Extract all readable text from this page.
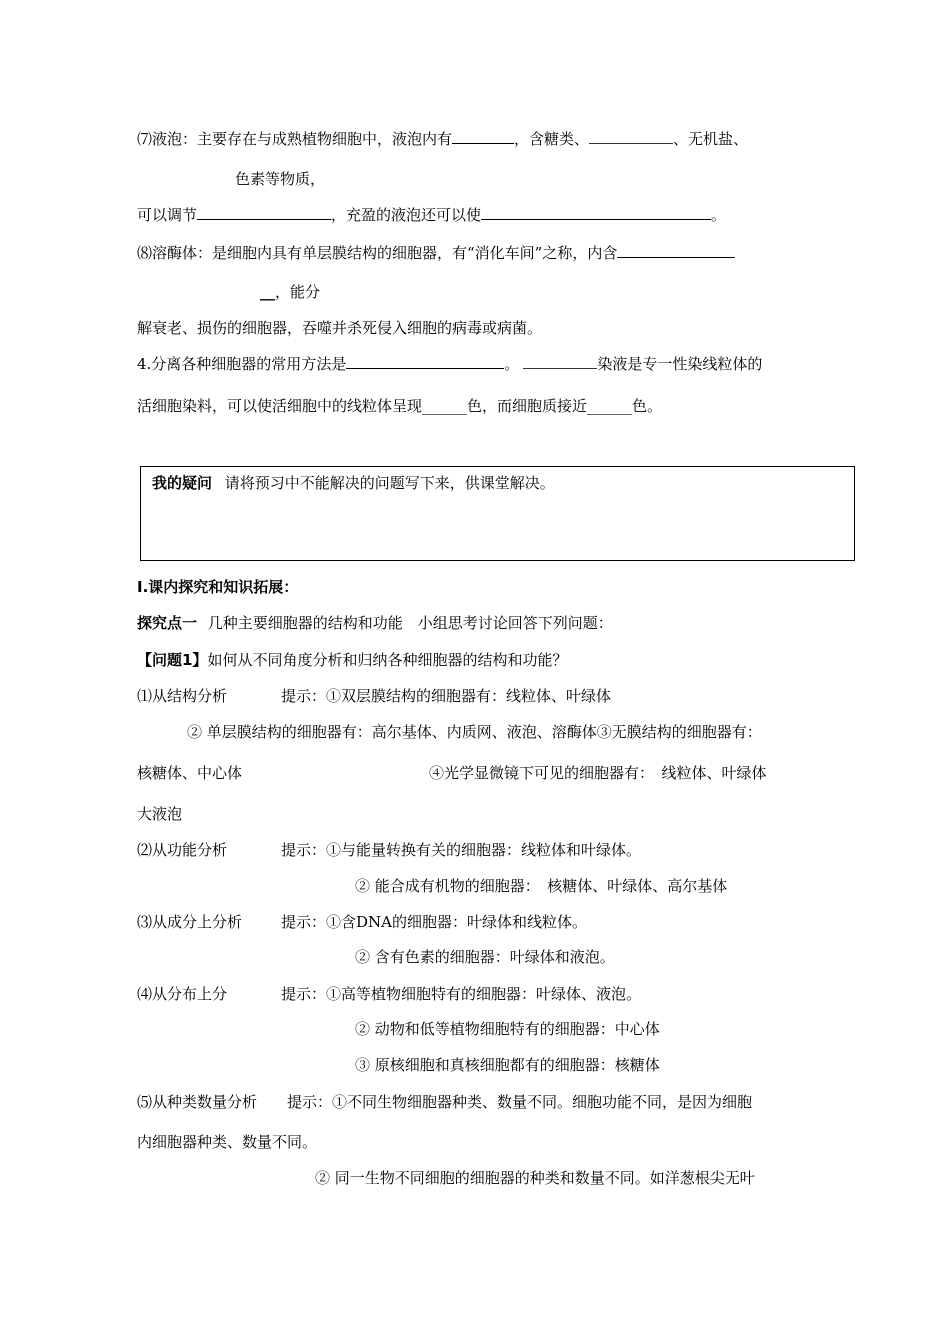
⑺液泡：主要存在与成熟植物细胞中，液泡内有	，含糖类、	、无机盐、
色素等物质，
可以调节	，充盈的液泡还可以使	。
⑻溶酶体：是细胞内具有单层膜结构的细胞器，有“消化车间”之称，内含
__，能分
解衰老、损伤的细胞器，吞噬并杀死侵入细胞的病毒或病菌。
4.分离各种细胞器的常用方法是	。	染液是专一性染线粒体的
活细胞染料，可以使活细胞中的线粒体呈现______色，而细胞质接近______色。
我的疑问 请将预习中不能解决的问题写下来，供课堂解决。
Ⅰ.课内探究和知识拓展：
探究点一 几种主要细胞器的结构和功能　小组思考讨论回答下列问题：
【问题1】如何从不同角度分析和归纳各种细胞器的结构和功能？
⑴从结构分析	提示：①双层膜结构的细胞器有：线粒体、叶绿体
② 单层膜结构的细胞器有：高尔基体、内质网、液泡、溶酶体③无膜结构的细胞器有：
核糖体、中心体	④光学显微镜下可见的细胞器有：　线粒体、叶绿体
大液泡
⑵从功能分析	提示：①与能量转换有关的细胞器：线粒体和叶绿体。
② 能合成有机物的细胞器：　核糖体、叶绿体、高尔基体
⑶从成分上分析	提示：①含DNA的细胞器：叶绿体和线粒体。
② 含有色素的细胞器：叶绿体和液泡。
⑷从分布上分	提示：①高等植物细胞特有的细胞器：叶绿体、液泡。
② 动物和低等植物细胞特有的细胞器：中心体
③ 原核细胞和真核细胞都有的细胞器：核糖体
⑸从种类数量分析 提示：①不同生物细胞器种类、数量不同。细胞功能不同，是因为细胞
内细胞器种类、数量不同。
② 同一生物不同细胞的细胞器的种类和数量不同。如洋葱根尖无叶
